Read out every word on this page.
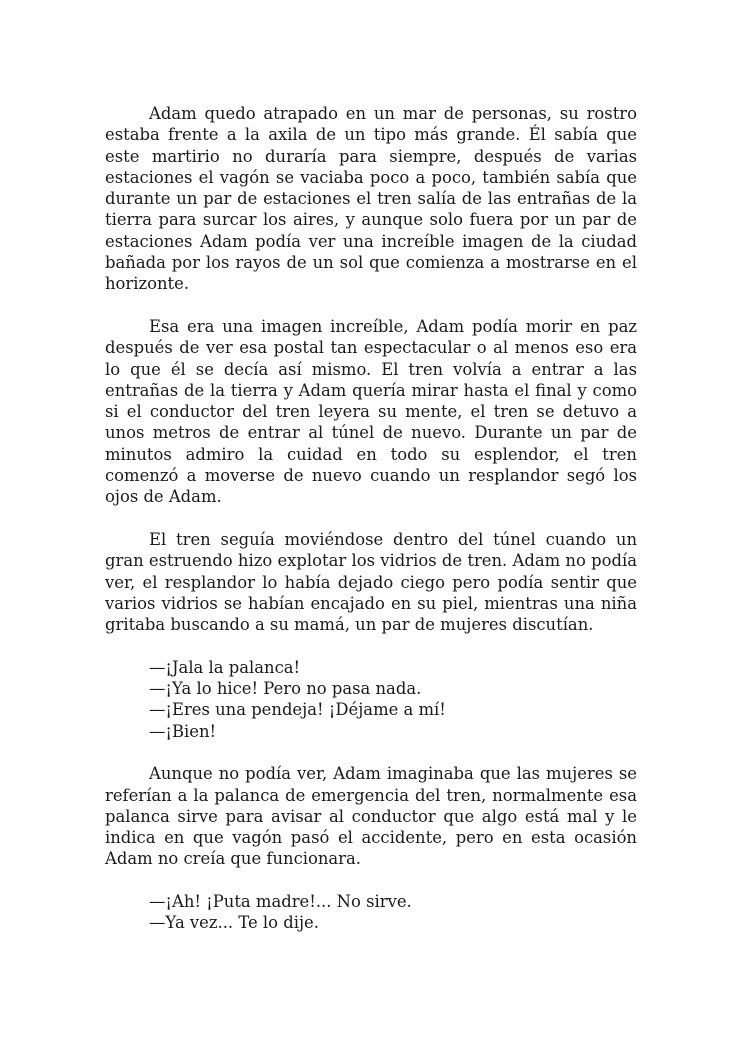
Adam quedo atrapado en un mar de personas, su rostro estaba frente a la axila de un tipo más grande. Él sabía que este martirio no duraría para siempre, después de varias estaciones el vagón se vaciaba poco a poco, también sabía que durante un par de estaciones el tren salía de las entrañas de la tierra para surcar los aires, y aunque solo fuera por un par de estaciones Adam podía ver una increíble imagen de la ciudad bañada por los rayos de un sol que comienza a mostrarse en el horizonte.

Esa era una imagen increíble, Adam podía morir en paz después de ver esa postal tan espectacular o al menos eso era lo que él se decía así mismo. El tren volvía a entrar a las entrañas de la tierra y Adam quería mirar hasta el final y como si el conductor del tren leyera su mente, el tren se detuvo a unos metros de entrar al túnel de nuevo. Durante un par de minutos admiro la cuidad en todo su esplendor, el tren comenzó a moverse de nuevo cuando un resplandor segó los ojos de Adam.

El tren seguía moviéndose dentro del túnel cuando un gran estruendo hizo explotar los vidrios de tren. Adam no podía ver, el resplandor lo había dejado ciego pero podía sentir que varios vidrios se habían encajado en su piel, mientras una niña gritaba buscando a su mamá, un par de mujeres discutían.

—¡Jala la palanca!

—¡Ya lo hice! Pero no pasa nada.

—¡Eres una pendeja! ¡Déjame a mí!

—¡Bien!

Aunque no podía ver, Adam imaginaba que las mujeres se referían a la palanca de emergencia del tren, normalmente esa palanca sirve para avisar al conductor que algo está mal y le indica en que vagón pasó el accidente, pero en esta ocasión Adam no creía que funcionara.

—¡Ah! ¡Puta madre!... No sirve.

—Ya vez... Te lo dije.
